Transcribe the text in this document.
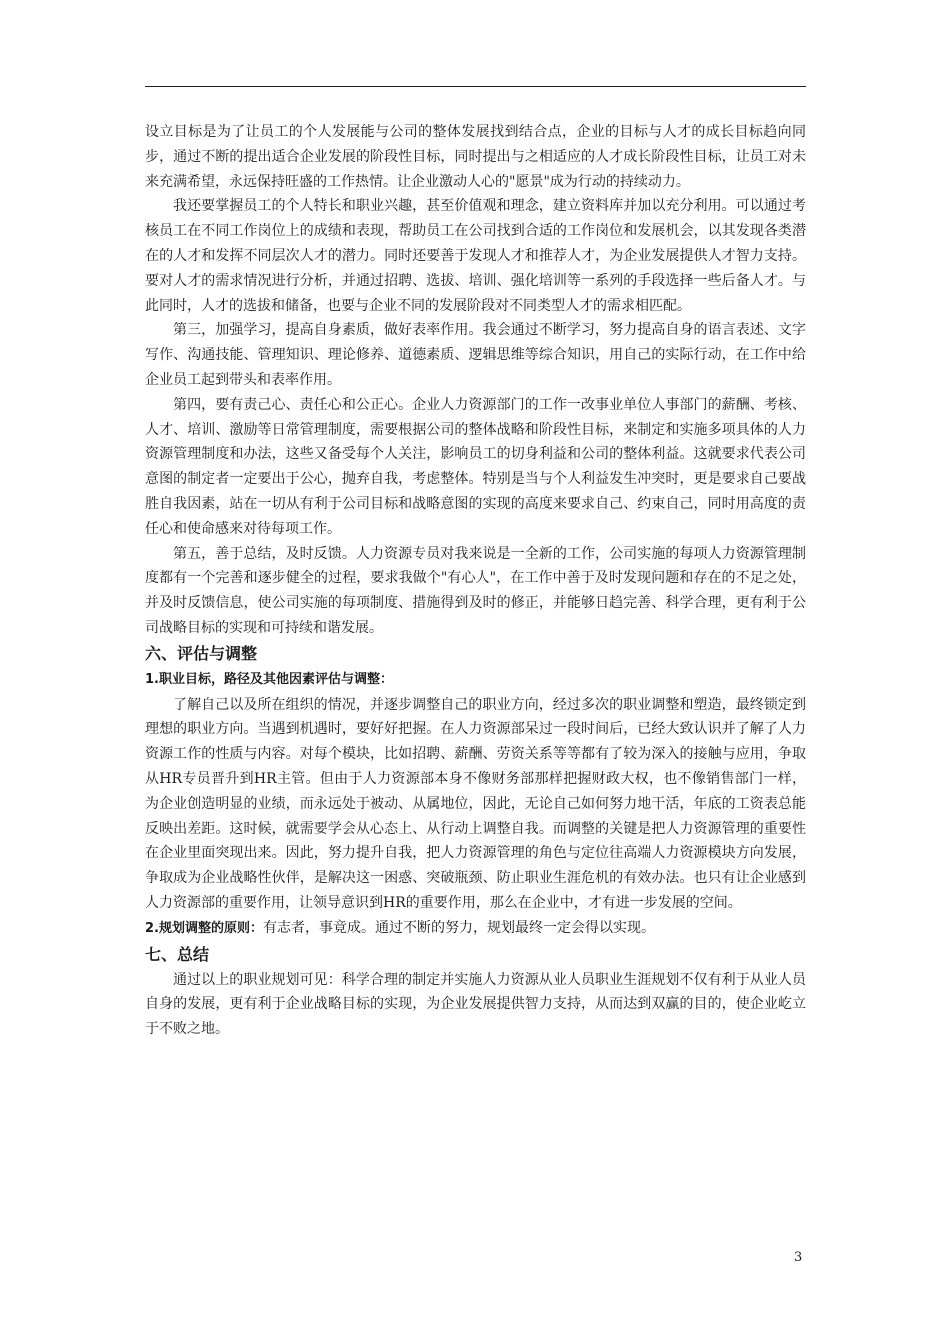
设立目标是为了让员工的个人发展能与公司的整体发展找到结合点，企业的目标与人才的成长目标趋向同步，通过不断的提出适合企业发展的阶段性目标，同时提出与之相适应的人才成长阶段性目标，让员工对未来充满希望，永远保持旺盛的工作热情。让企业激动人心的"愿景"成为行动的持续动力。

我还要掌握员工的个人特长和职业兴趣，甚至价值观和理念，建立资料库并加以充分利用。可以通过考核员工在不同工作岗位上的成绩和表现，帮助员工在公司找到合适的工作岗位和发展机会，以其发现各类潜在的人才和发挥不同层次人才的潜力。同时还要善于发现人才和推荐人才，为企业发展提供人才智力支持。要对人才的需求情况进行分析，并通过招聘、选拔、培训、强化培训等一系列的手段选择一些后备人才。与此同时，人才的选拔和储备，也要与企业不同的发展阶段对不同类型人才的需求相匹配。

第三，加强学习，提高自身素质，做好表率作用。我会通过不断学习，努力提高自身的语言表述、文字写作、沟通技能、管理知识、理论修养、道德素质、逻辑思维等综合知识，用自己的实际行动，在工作中给企业员工起到带头和表率作用。

第四，要有责己心、责任心和公正心。企业人力资源部门的工作一改事业单位人事部门的薪酬、考核、人才、培训、激励等日常管理制度，需要根据公司的整体战略和阶段性目标，来制定和实施多项具体的人力资源管理制度和办法，这些又备受每个人关注，影响员工的切身利益和公司的整体利益。这就要求代表公司意图的制定者一定要出于公心，抛弃自我，考虑整体。特别是当与个人利益发生冲突时，更是要求自己要战胜自我因素，站在一切从有利于公司目标和战略意图的实现的高度来要求自己、约束自己，同时用高度的责任心和使命感来对待每项工作。

第五，善于总结，及时反馈。人力资源专员对我来说是一全新的工作，公司实施的每项人力资源管理制度都有一个完善和逐步健全的过程，要求我做个"有心人"，在工作中善于及时发现问题和存在的不足之处，并及时反馈信息，使公司实施的每项制度、措施得到及时的修正，并能够日趋完善、科学合理，更有利于公司战略目标的实现和可持续和谐发展。

六、评估与调整

1.职业目标，路径及其他因素评估与调整：

了解自己以及所在组织的情况，并逐步调整自己的职业方向，经过多次的职业调整和塑造，最终锁定到理想的职业方向。当遇到机遇时，要好好把握。在人力资源部呆过一段时间后，已经大致认识并了解了人力资源工作的性质与内容。对每个模块，比如招聘、薪酬、劳资关系等等都有了较为深入的接触与应用，争取从HR专员晋升到HR主管。但由于人力资源部本身不像财务部那样把握财政大权，也不像销售部门一样，为企业创造明显的业绩，而永远处于被动、从属地位，因此，无论自己如何努力地干活，年底的工资表总能反映出差距。这时候，就需要学会从心态上、从行动上调整自我。而调整的关键是把人力资源管理的重要性在企业里面突现出来。因此，努力提升自我，把人力资源管理的角色与定位往高端人力资源模块方向发展，争取成为企业战略性伙伴，是解决这一困惑、突破瓶颈、防止职业生涯危机的有效办法。也只有让企业感到人力资源部的重要作用，让领导意识到HR的重要作用，那么在企业中，才有进一步发展的空间。

2.规划调整的原则：有志者，事竟成。通过不断的努力，规划最终一定会得以实现。

七、总结

通过以上的职业规划可见：科学合理的制定并实施人力资源从业人员职业生涯规划不仅有利于从业人员自身的发展，更有利于企业战略目标的实现，为企业发展提供智力支持，从而达到双赢的目的，使企业屹立于不败之地。

3
